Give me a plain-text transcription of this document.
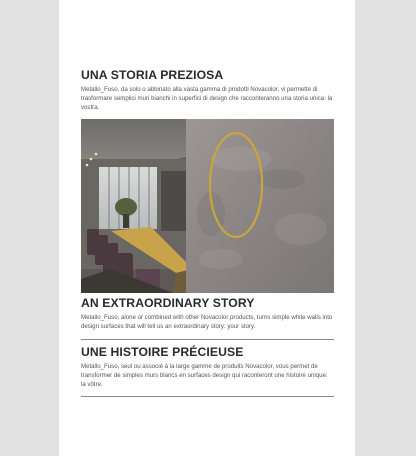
UNA STORIA PREZIOSA

Metallo_Fuso, da solo o abbinato alla vasta gamma di prodotti Novacolor, vi permette di trasformare semplici muri bianchi in superfici di design che racconteranno una storia unica: la vostra.

AN EXTRAORDINARY STORY

Metallo_Fuso, alone or combined with other Novacolor products, turns simple white walls into design surfaces that will tell us an extraordinary story: your story.

UNE HISTOIRE PRÉCIEUSE

Metallo_Fuso, seul ou associé à la large gamme de produits Novacolor, vous permet de transformer de simples murs blancs en surfaces design qui raconteront une histoire unique: la vôtre.
